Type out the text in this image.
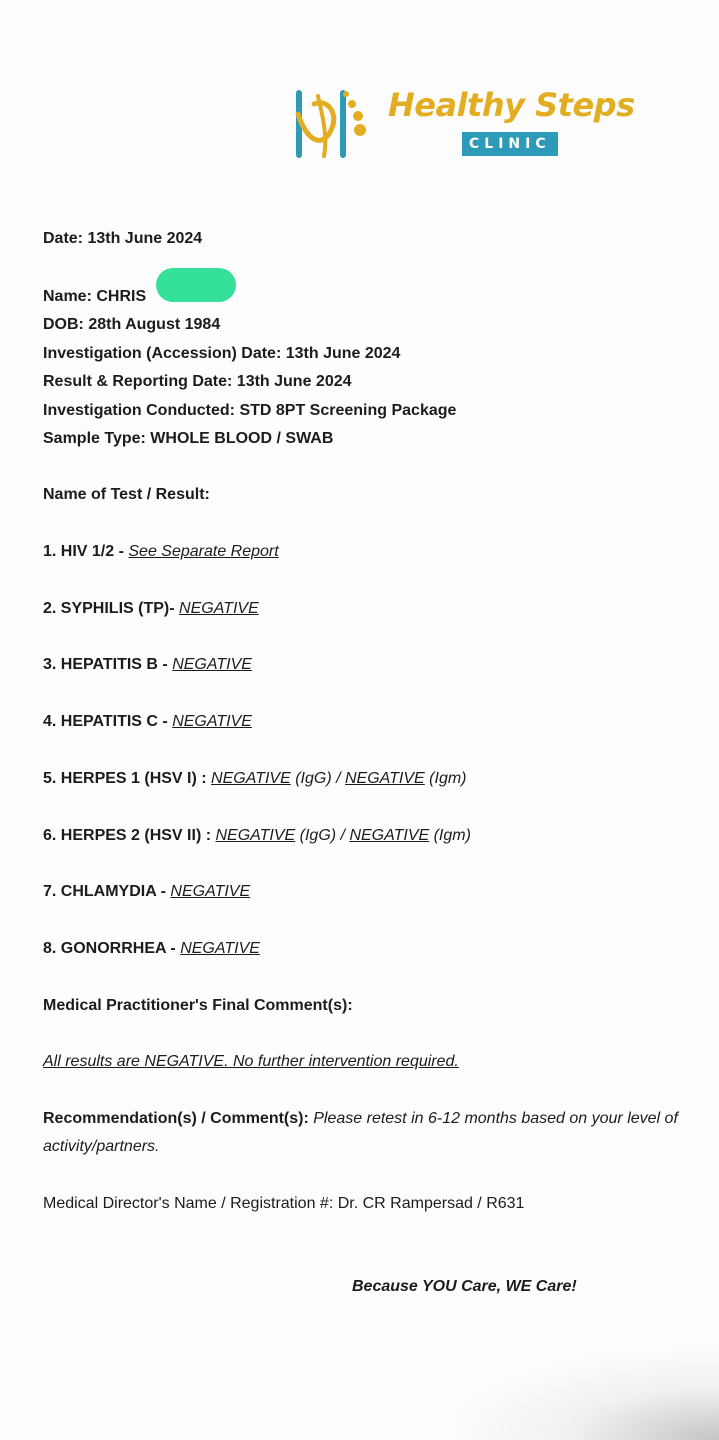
Healthy Steps
CLINIC
Date: 13th June 2024
Name: CHRIS
DOB: 28th August 1984
Investigation (Accession) Date: 13th June 2024
Result & Reporting Date: 13th June 2024
Investigation Conducted: STD 8PT Screening Package
Sample Type: WHOLE BLOOD / SWAB
Name of Test / Result:
1. HIV 1/2 - See Separate Report
2. SYPHILIS (TP)- NEGATIVE
3. HEPATITIS B - NEGATIVE
4. HEPATITIS C - NEGATIVE
5. HERPES 1 (HSV I) : NEGATIVE (IgG) / NEGATIVE (Igm)
6. HERPES 2 (HSV II) : NEGATIVE (IgG) / NEGATIVE (Igm)
7. CHLAMYDIA - NEGATIVE
8. GONORRHEA - NEGATIVE
Medical Practitioner's Final Comment(s):
All results are NEGATIVE. No further intervention required.
Recommendation(s) / Comment(s): Please retest in 6-12 months based on your level of
activity/partners.
Medical Director's Name / Registration #: Dr. CR Rampersad / R631
Because YOU Care, WE Care!
